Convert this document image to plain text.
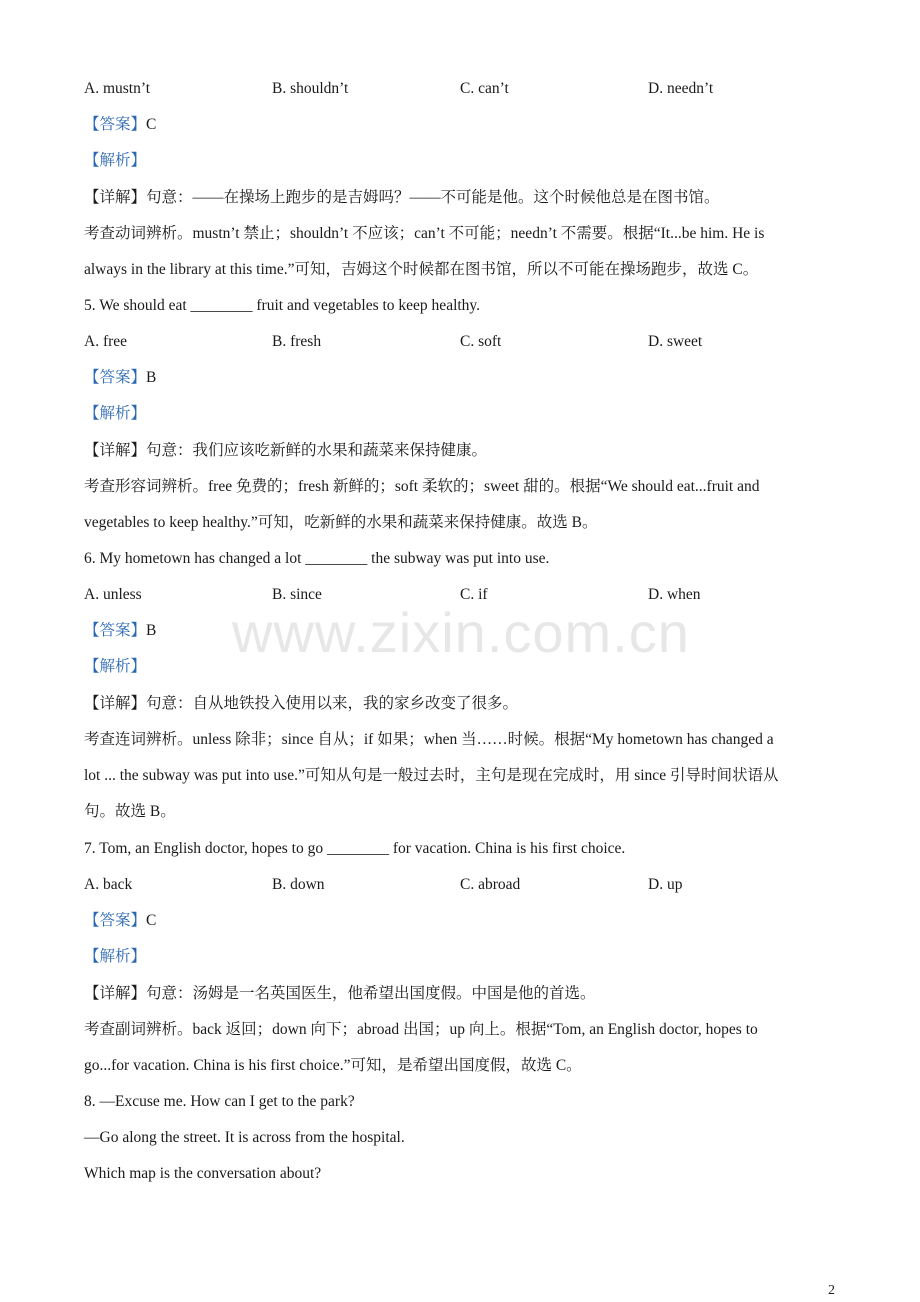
www.zixin.com.cn
A. mustn’t	B. shouldn’t	C. can’t	D. needn’t
【答案】C
【解析】
【详解】句意：——在操场上跑步的是吉姆吗？——不可能是他。这个时候他总是在图书馆。
考查动词辨析。mustn’t 禁止；shouldn’t 不应该；can’t 不可能；needn’t 不需要。根据“It...be him. He is
always in the library at this time.”可知，吉姆这个时候都在图书馆，所以不可能在操场跑步，故选 C。
5. We should eat ________ fruit and vegetables to keep healthy.
A. free	B. fresh	C. soft	D. sweet
【答案】B
【解析】
【详解】句意：我们应该吃新鲜的水果和蔬菜来保持健康。
考查形容词辨析。free 免费的；fresh 新鲜的；soft 柔软的；sweet 甜的。根据“We should eat...fruit and
vegetables to keep healthy.”可知，吃新鲜的水果和蔬菜来保持健康。故选 B。
6. My hometown has changed a lot ________ the subway was put into use.
A. unless	B. since	C. if	D. when
【答案】B
【解析】
【详解】句意：自从地铁投入使用以来，我的家乡改变了很多。
考查连词辨析。unless 除非；since 自从；if 如果；when 当……时候。根据“My hometown has changed a
lot ... the subway was put into use.”可知从句是一般过去时，主句是现在完成时，用 since 引导时间状语从
句。故选 B。
7. Tom, an English doctor, hopes to go ________ for vacation. China is his first choice.
A. back	B. down	C. abroad	D. up
【答案】C
【解析】
【详解】句意：汤姆是一名英国医生，他希望出国度假。中国是他的首选。
考查副词辨析。back 返回；down 向下；abroad 出国；up 向上。根据“Tom, an English doctor, hopes to
go...for vacation. China is his first choice.”可知，是希望出国度假，故选 C。
8. —Excuse me. How can I get to the park?
—Go along the street. It is across from the hospital.
Which map is the conversation about?
2
